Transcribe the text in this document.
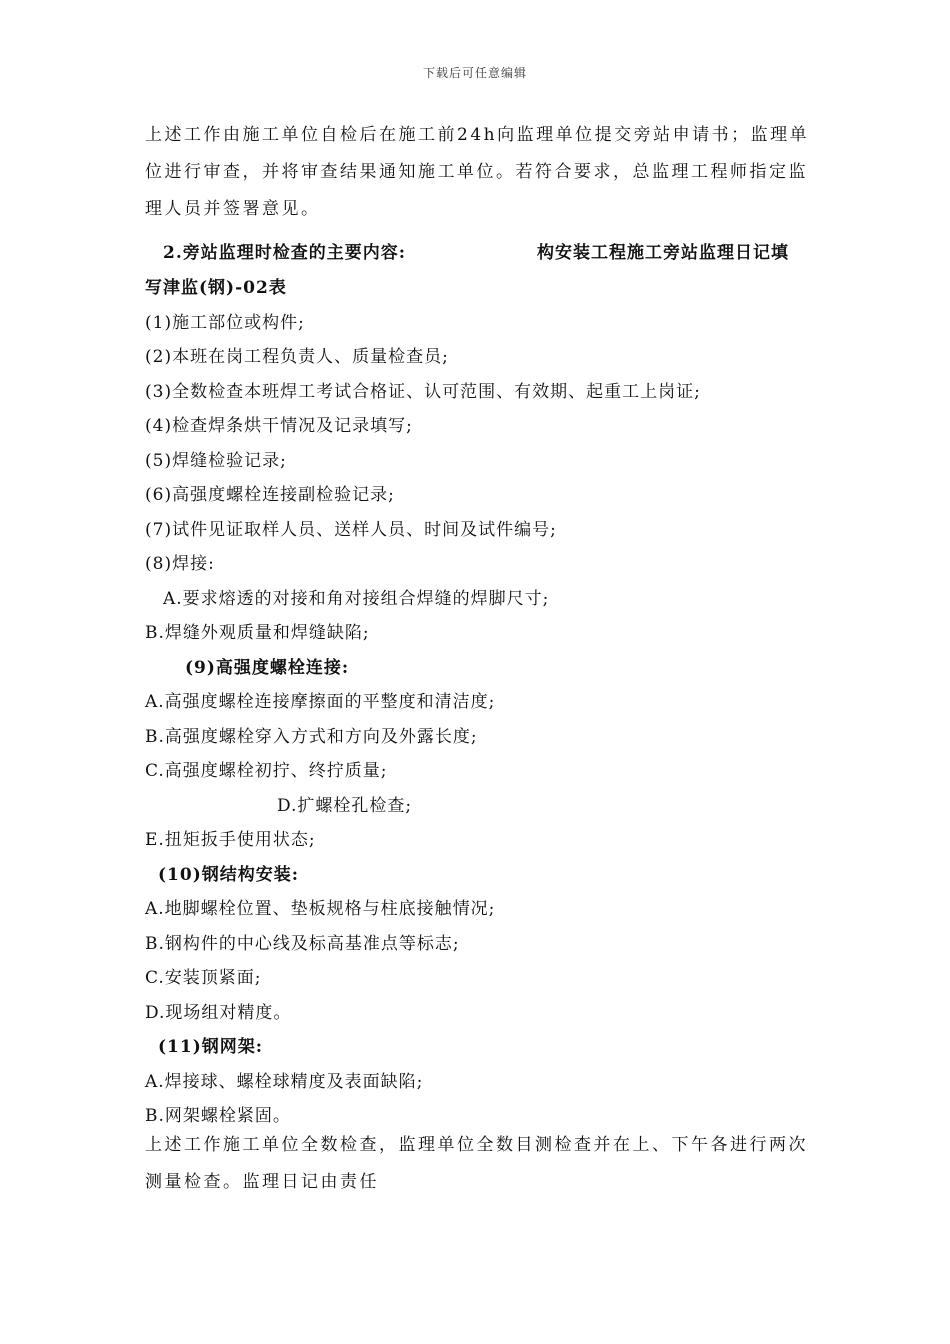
下载后可任意编辑
上述工作由施工单位自检后在施工前24h向监理单位提交旁站申请书；监理单位进行审查，并将审查结果通知施工单位。若符合要求，总监理工程师指定监理人员并签署意见。
2.旁站监理时检查的主要内容:	构安装工程施工旁站监理日记填
写津监(钢)-02表
(1)施工部位或构件;
(2)本班在岗工程负责人、质量检查员;
(3)全数检查本班焊工考试合格证、认可范围、有效期、起重工上岗证;
(4)检查焊条烘干情况及记录填写;
(5)焊缝检验记录;
(6)高强度螺栓连接副检验记录;
(7)试件见证取样人员、送样人员、时间及试件编号;
(8)焊接:
A.要求熔透的对接和角对接组合焊缝的焊脚尺寸;
B.焊缝外观质量和焊缝缺陷;
(9)高强度螺栓连接:
A.高强度螺栓连接摩擦面的平整度和清洁度;
B.高强度螺栓穿入方式和方向及外露长度;
C.高强度螺栓初拧、终拧质量;
D.扩螺栓孔检查;
E.扭矩扳手使用状态;
(10)钢结构安装:
A.地脚螺栓位置、垫板规格与柱底接触情况;
B.钢构件的中心线及标高基准点等标志;
C.安装顶紧面;
D.现场组对精度。
(11)钢网架:
A.焊接球、螺栓球精度及表面缺陷;
B.网架螺栓紧固。
上述工作施工单位全数检查，监理单位全数目测检查并在上、下午各进行两次测量检查。监理日记由责任
